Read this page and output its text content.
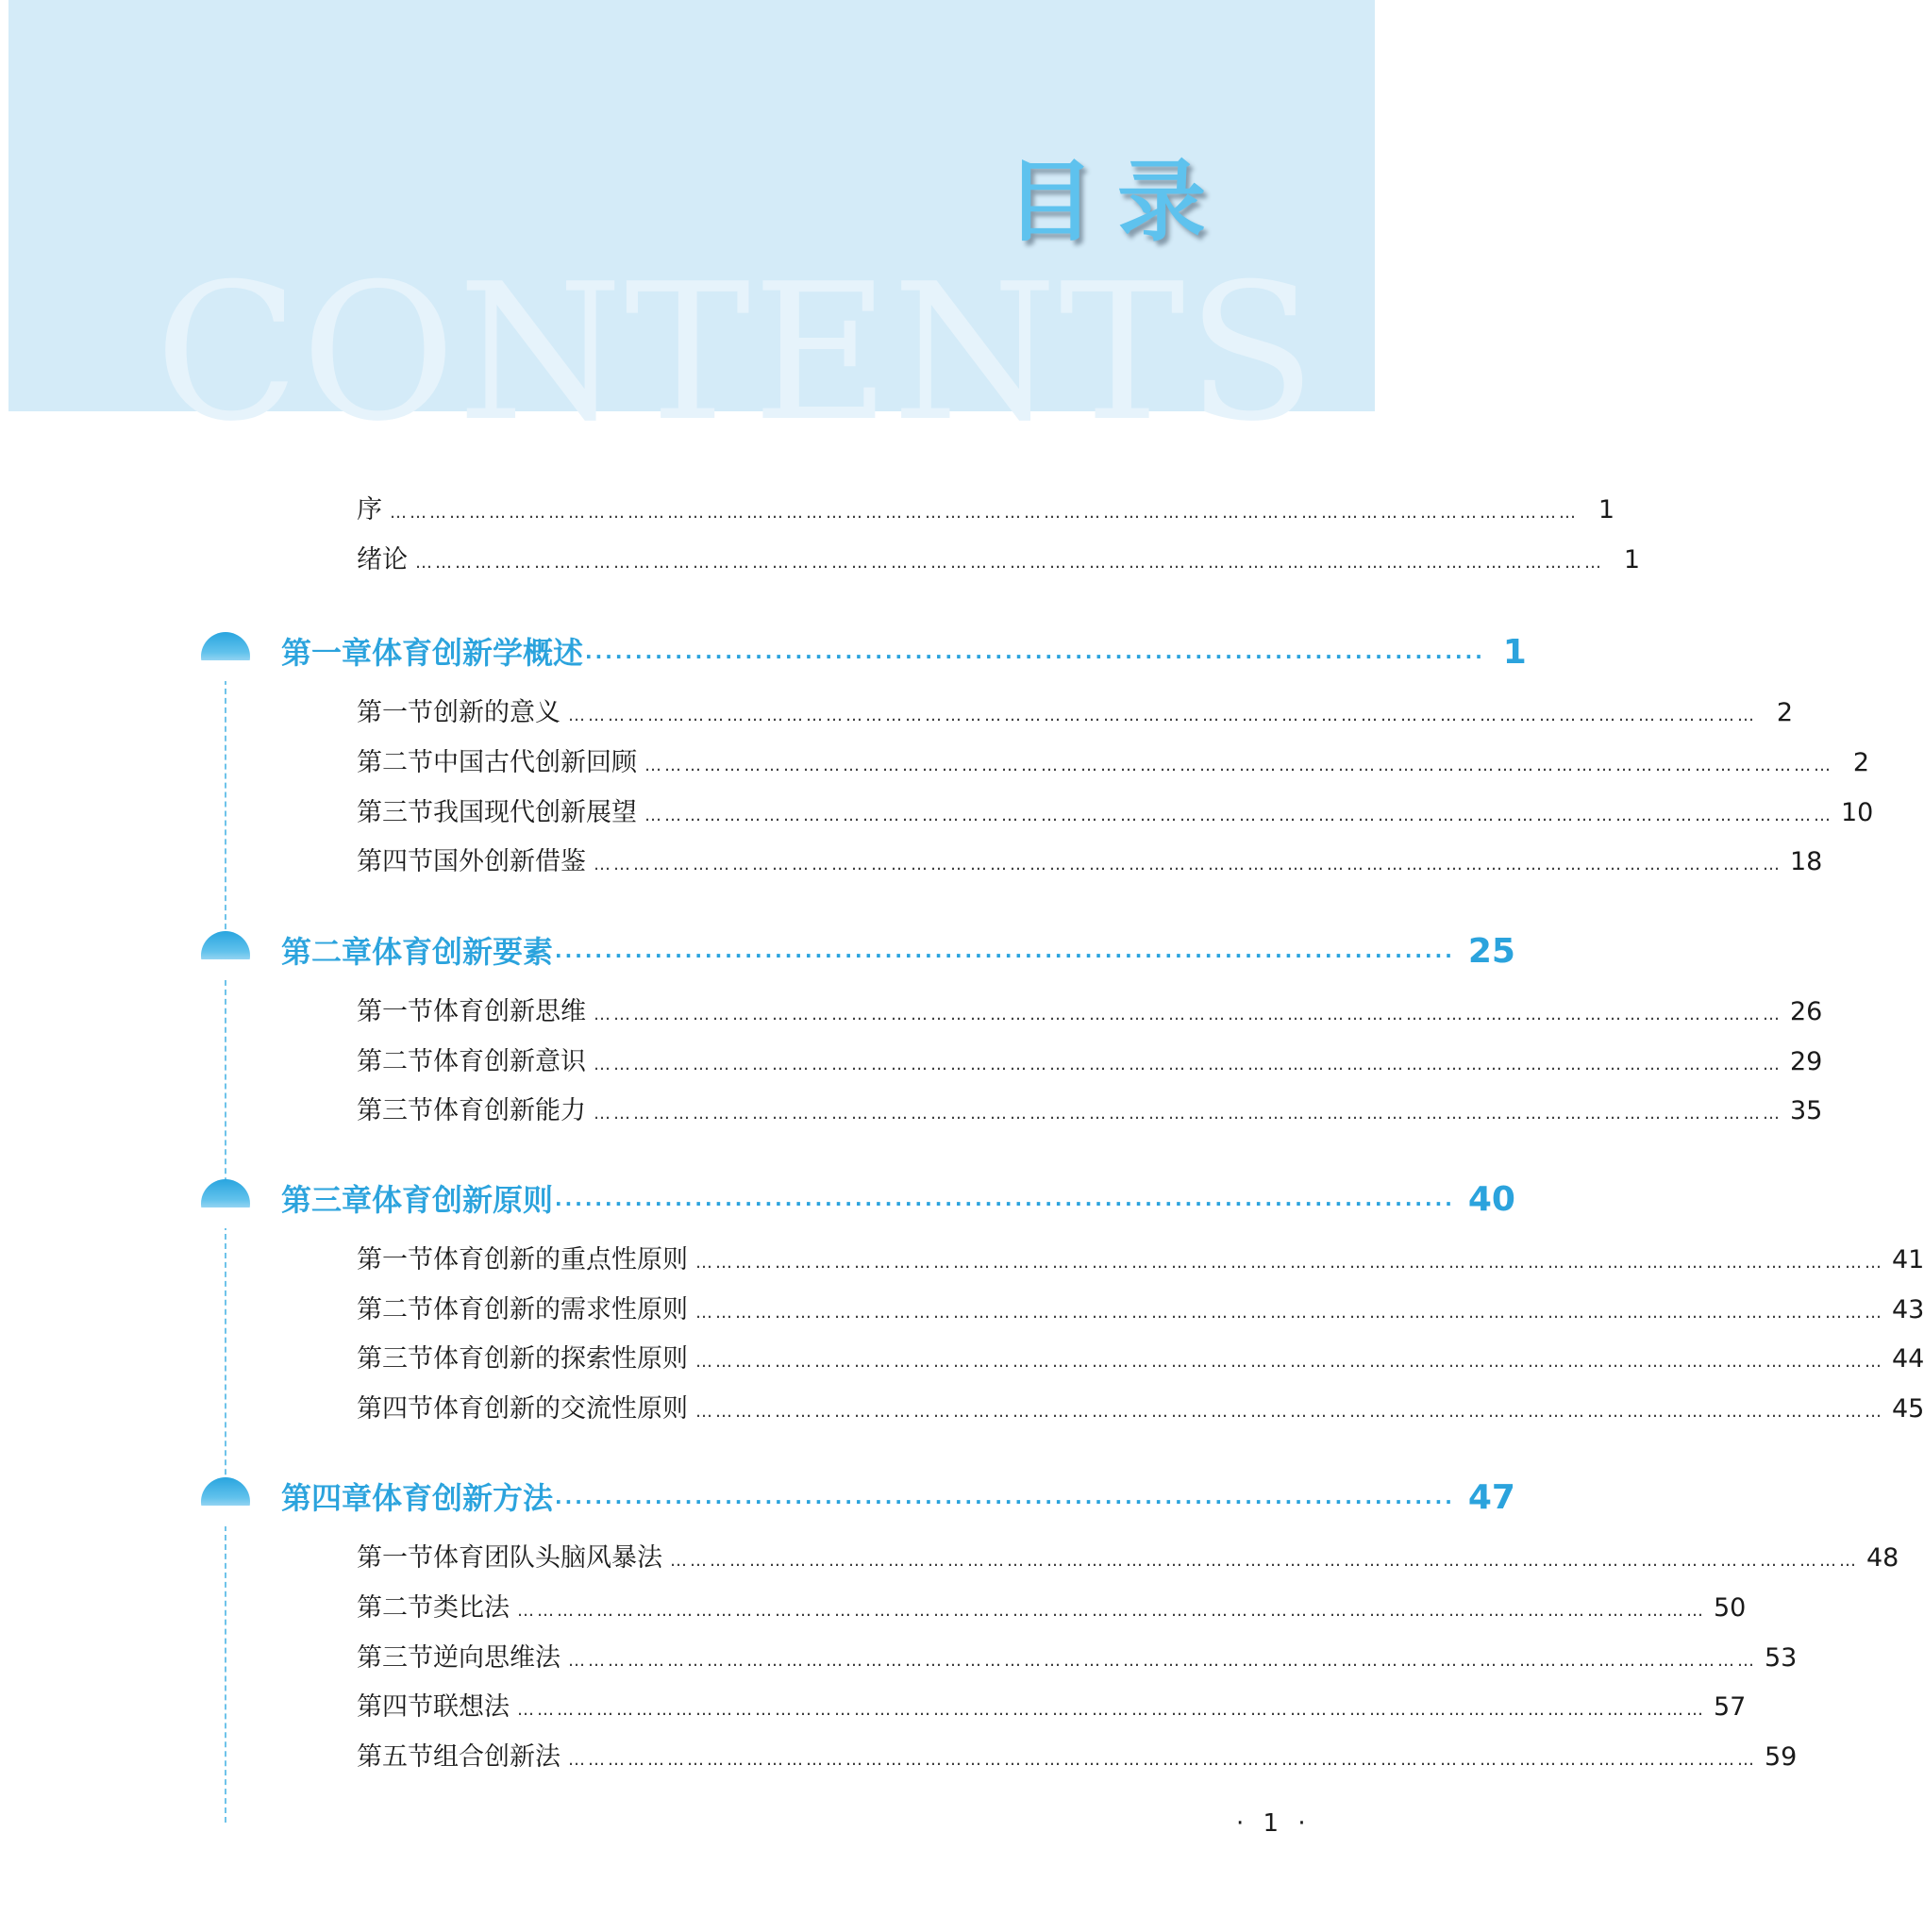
CONTENTS
目录
序 ……………………………………………………………………………………………………………………………………………………………… 1
绪论 ……………………………………………………………………………………………………………………………………………………………… 1
第一章 体育创新学概述 ·························································································· 1
第一节 创新的意义 ……………………………………………………………………………………………………………………………………………………………… 2
第二节 中国古代创新回顾 ……………………………………………………………………………………………………………………………………………………………… 2
第三节 我国现代创新展望 ……………………………………………………………………………………………………………………………………………………………… 10
第四节 国外创新借鉴 ……………………………………………………………………………………………………………………………………………………………… 18
第二章 体育创新要素 ·························································································· 25
第一节 体育创新思维 ……………………………………………………………………………………………………………………………………………………………… 26
第二节 体育创新意识 ……………………………………………………………………………………………………………………………………………………………… 29
第三节 体育创新能力 ……………………………………………………………………………………………………………………………………………………………… 35
第三章 体育创新原则 ·························································································· 40
第一节 体育创新的重点性原则 ……………………………………………………………………………………………………………………………………………………………… 41
第二节 体育创新的需求性原则 ……………………………………………………………………………………………………………………………………………………………… 43
第三节 体育创新的探索性原则 ……………………………………………………………………………………………………………………………………………………………… 44
第四节 体育创新的交流性原则 ……………………………………………………………………………………………………………………………………………………………… 45
第四章 体育创新方法 ·························································································· 47
第一节 体育团队头脑风暴法 ……………………………………………………………………………………………………………………………………………………………… 48
第二节 类比法 ……………………………………………………………………………………………………………………………………………………………… 50
第三节 逆向思维法 ……………………………………………………………………………………………………………………………………………………………… 53
第四节 联想法 ……………………………………………………………………………………………………………………………………………………………… 57
第五节 组合创新法 ……………………………………………………………………………………………………………………………………………………………… 59
· 1 ·
